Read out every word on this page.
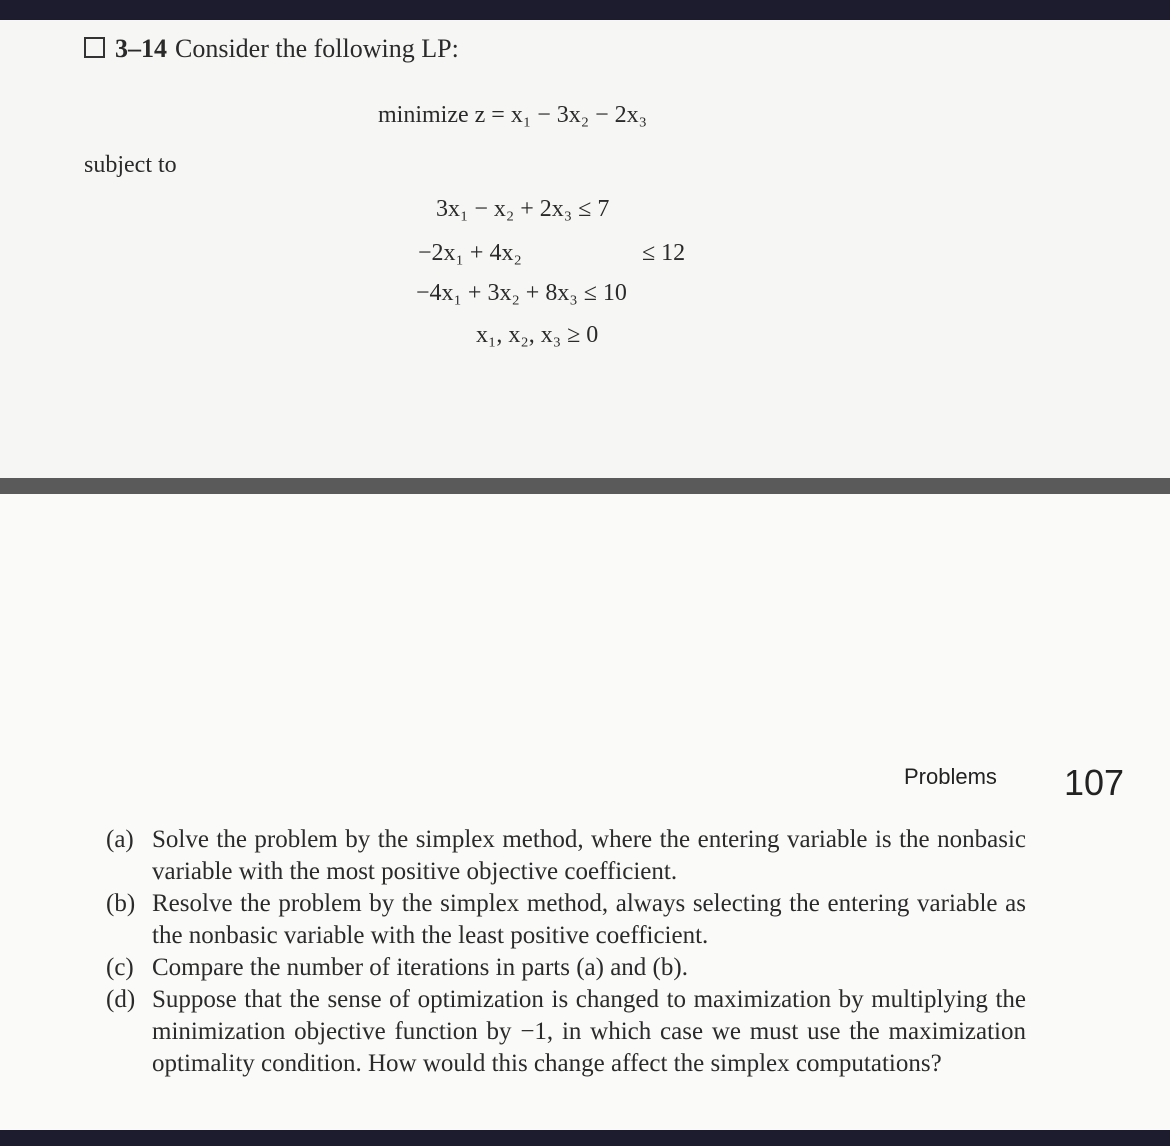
3–14 Consider the following LP:
minimize z = x₁ − 3x₂ − 2x₃
subject to
3x₁ − x₂ + 2x₃ ≤ 7
−2x₁ + 4x₂	≤ 12
−4x₁ + 3x₂ + 8x₃ ≤ 10
x₁, x₂, x₃ ≥ 0
Problems 107
(a) Solve the problem by the simplex method, where the entering variable is the nonbasic variable with the most positive objective coefficient.
(b) Resolve the problem by the simplex method, always selecting the entering variable as the nonbasic variable with the least positive coefficient.
(c) Compare the number of iterations in parts (a) and (b).
(d) Suppose that the sense of optimization is changed to maximization by multiplying the minimization objective function by −1, in which case we must use the maximization optimality condition. How would this change affect the simplex computations?
